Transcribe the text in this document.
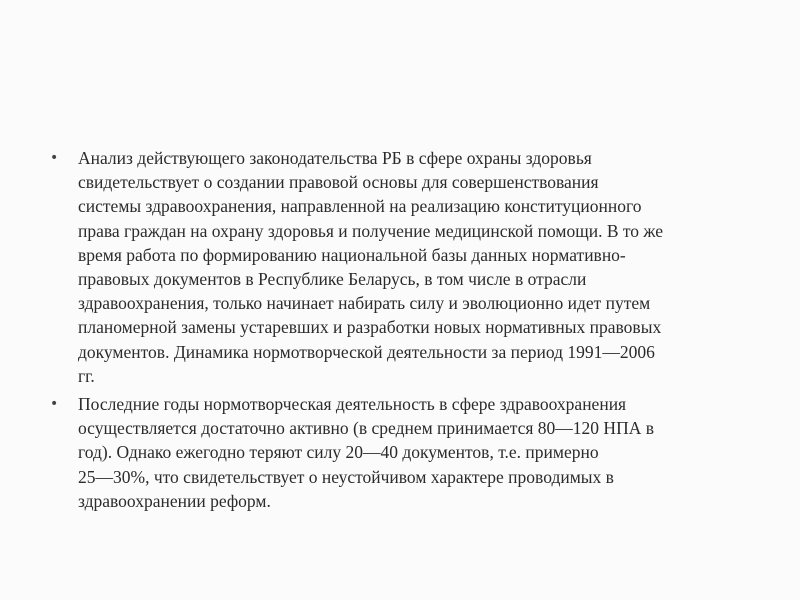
• Анализ действующего законодательства РБ в сфере охраны здоровья
свидетельствует о создании правовой основы для совершенствования
системы здравоохранения, направленной на реализацию конституционного
права граждан на охрану здоровья и получение медицинской помощи. В то же
время работа по формированию национальной базы данных нормативно-
правовых документов в Республике Беларусь, в том числе в отрасли
здравоохранения, только начинает набирать силу и эволюционно идет путем
планомерной замены устаревших и разработки новых нормативных правовых
документов. Динамика нормотворческой деятельности за период 1991—2006
гг.
• Последние годы нормотворческая деятельность в сфере здравоохранения
осуществляется достаточно активно (в среднем принимается 80—120 НПА в
год). Однако ежегодно теряют силу 20—40 документов, т.е. примерно
25—30%, что свидетельствует о неустойчивом характере проводимых в
здравоохранении реформ.
